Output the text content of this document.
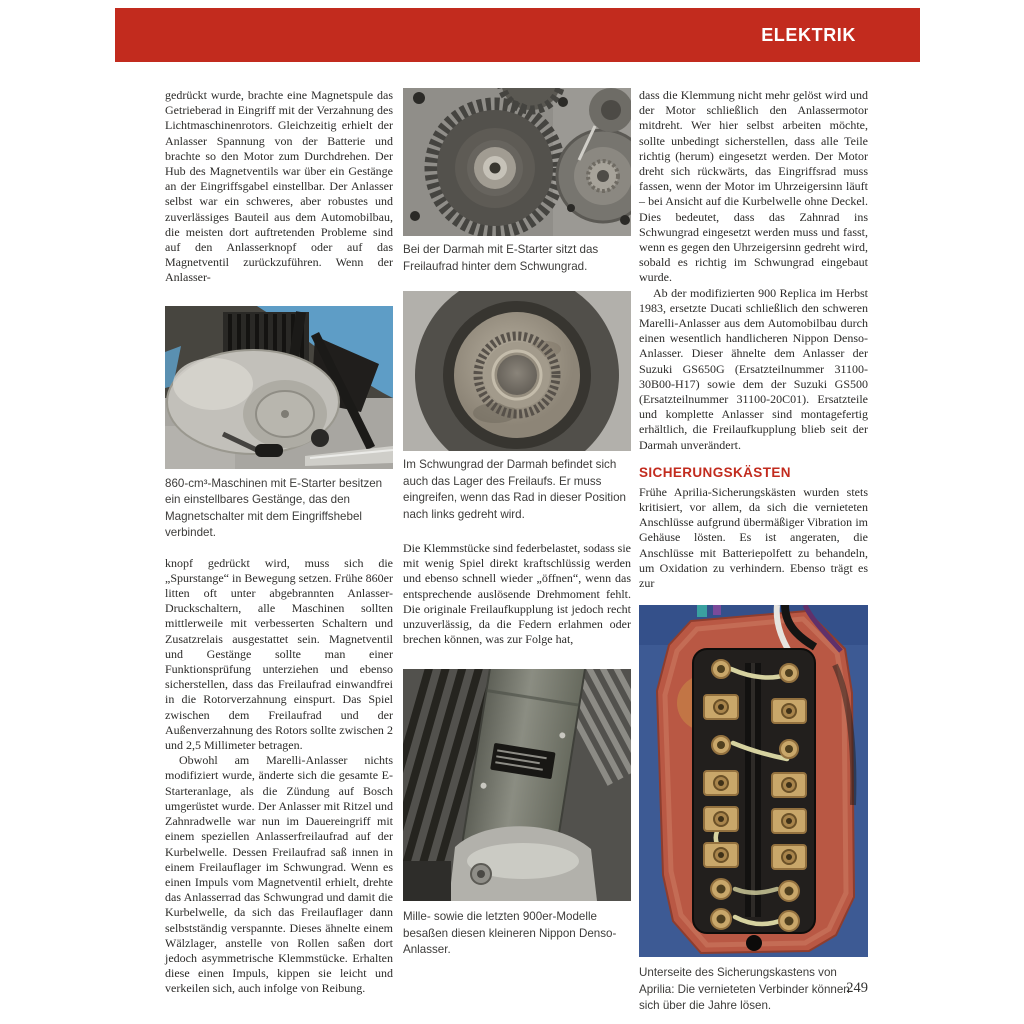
ELEKTRIK

gedrückt wurde, brachte eine Magnetspule das Getrieberad in Eingriff mit der Verzahnung des Lichtmaschinenrotors. Gleichzeitig erhielt der Anlasser Spannung von der Batterie und brachte so den Motor zum Durchdrehen. Der Hub des Magnetventils war über ein Gestänge an der Eingriffsgabel einstellbar. Der Anlasser selbst war ein schweres, aber robustes und zuverlässiges Bauteil aus dem Automobilbau, die meisten dort auftretenden Probleme sind auf den Anlasserknopf oder auf das Magnetventil zurückzuführen. Wenn der Anlasser-

860-cm³-Maschinen mit E-Starter besitzen ein einstellbares Gestänge, das den Magnetschalter mit dem Eingriffshebel verbindet.

knopf gedrückt wird, muss sich die „Spurstange“ in Bewegung setzen. Frühe 860er litten oft unter abgebrannten Anlasser-Druckschaltern, alle Maschinen sollten mittlerweile mit verbesserten Schaltern und Zusatzrelais ausgestattet sein. Magnetventil und Gestänge sollte man einer Funktionsprüfung unterziehen und ebenso sicherstellen, dass das Freilaufrad einwandfrei in die Rotorverzahnung einspurt. Das Spiel zwischen dem Freilaufrad und der Außenverzahnung des Rotors sollte zwischen 2 und 2,5 Millimeter betragen.

Obwohl am Marelli-Anlasser nichts modifiziert wurde, änderte sich die gesamte E-Starteranlage, als die Zündung auf Bosch umgerüstet wurde. Der Anlasser mit Ritzel und Zahnradwelle war nun im Dauereingriff mit einem speziellen Anlasserfreilaufrad auf der Kurbelwelle. Dessen Freilaufrad saß innen in einem Freilauflager im Schwungrad. Wenn es einen Impuls vom Magnetventil erhielt, drehte das Anlasserrad das Schwungrad und damit die Kurbelwelle, da sich das Freilauflager dann selbstständig verspannte. Dieses ähnelte einem Wälzlager, anstelle von Rollen saßen dort jedoch asymmetrische Klemmstücke. Erhalten diese einen Impuls, kippen sie leicht und verkeilen sich, auch infolge von Reibung.

Bei der Darmah mit E-Starter sitzt das Freilaufrad hinter dem Schwungrad.

Im Schwungrad der Darmah befindet sich auch das Lager des Freilaufs. Er muss eingreifen, wenn das Rad in dieser Position nach links gedreht wird.

Die Klemmstücke sind federbelastet, sodass sie mit wenig Spiel direkt kraftschlüssig werden und ebenso schnell wieder „öffnen“, wenn das entsprechende auslösende Drehmoment fehlt. Die originale Freilaufkupplung ist jedoch recht unzuverlässig, da die Federn erlahmen oder brechen können, was zur Folge hat,

Mille- sowie die letzten 900er-Modelle besaßen diesen kleineren Nippon Denso-Anlasser.

dass die Klemmung nicht mehr gelöst wird und der Motor schließlich den Anlassermotor mitdreht. Wer hier selbst arbeiten möchte, sollte unbedingt sicherstellen, dass alle Teile richtig (herum) eingesetzt werden. Der Motor dreht sich rückwärts, das Eingriffsrad muss fassen, wenn der Motor im Uhrzeigersinn läuft – bei Ansicht auf die Kurbelwelle ohne Deckel. Dies bedeutet, dass das Zahnrad ins Schwungrad eingesetzt werden muss und fasst, wenn es gegen den Uhrzeigersinn gedreht wird, sobald es richtig im Schwungrad eingebaut wurde.

Ab der modifizierten 900 Replica im Herbst 1983, ersetzte Ducati schließlich den schweren Marelli-Anlasser aus dem Automobilbau durch einen wesentlich handlicheren Nippon Denso-Anlasser. Dieser ähnelte dem Anlasser der Suzuki GS650G (Ersatzteilnummer 31100-30B00-H17) sowie dem der Suzuki GS500 (Ersatzteilnummer 31100-20C01). Ersatzteile und komplette Anlasser sind montagefertig erhältlich, die Freilaufkupplung blieb seit der Darmah unverändert.

SICHERUNGSKÄSTEN

Frühe Aprilia-Sicherungskästen wurden stets kritisiert, vor allem, da sich die vernieteten Anschlüsse aufgrund übermäßiger Vibration im Gehäuse lösten. Es ist angeraten, die Anschlüsse mit Batteriepolfett zu behandeln, um Oxidation zu verhindern. Ebenso trägt es zur

Unterseite des Sicherungskastens von Aprilia: Die vernieteten Verbinder können sich über die Jahre lösen.

249
